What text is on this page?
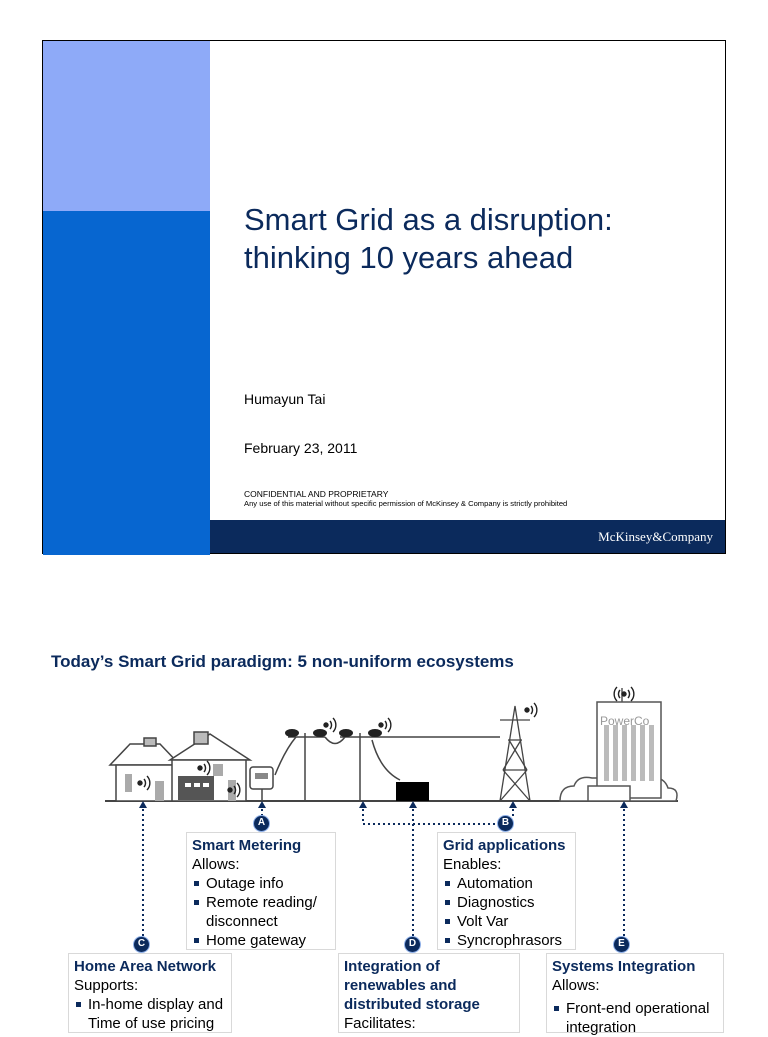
Smart Grid as a disruption:
thinking 10 years ahead
Humayun Tai
February 23, 2011
CONFIDENTIAL AND PROPRIETARY
Any use of this material without specific permission of McKinsey & Company is strictly prohibited
McKinsey&Company
Today’s Smart Grid paradigm: 5 non-uniform ecosystems
PowerCo
A	B
C	D	E
Smart Metering
Allows:
Outage info
Remote reading/
disconnect
Home gateway
Grid applications
Enables:
Automation
Diagnostics
Volt Var
Syncrophrasors
Home Area Network
Supports:
In-home display and
Time of use pricing
Integration of
renewables and
distributed storage
Facilitates:
Systems Integration
Allows:
Front-end operational
integration
